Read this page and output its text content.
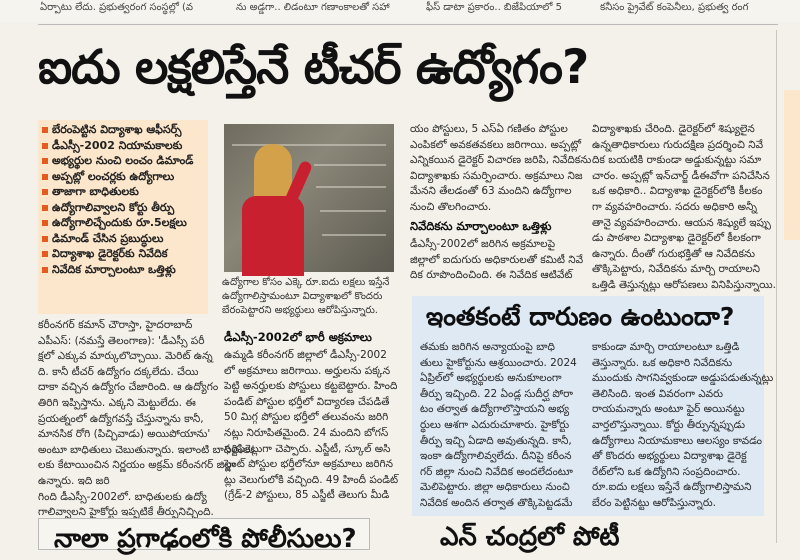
ఏర్పాటు లేదు. ప్రభుత్వరంగ సంస్థల్లో (వ	ను అడ్డగా.. లిడంటూ గణాంకాలతో సహా	ఫీస్ డాటా ప్రకారం.. బిజేపియాలో 5	కనీసం ప్రైవేట్ కంపెనీలు, ప్రభుత్వ రంగ
ఐదు లక్షలిస్తేనే టీచర్ ఉద్యోగం?
బేరంపెట్టిన విద్యాశాఖ ఆఫీసర్స్
డీఎస్సీ-2002 నియామకాలకు
అభ్యర్థుల నుంచి లంచం డిమాండ్
అప్పట్లో లంచర్లకు ఉద్యోగాలు
తాజాగా బాధితులకు
ఉద్యోగాలివ్వాలని కోర్టు తీర్పు
ఉద్యోగాలిచ్చేందుకు రూ.5లక్షలు
డిమాండ్ చేసిన ప్రబుద్ధులు
విద్యాశాఖ డైరెక్టర్‌కు నివేదిక
నివేదిక మార్చాలంటూ ఒత్తిళ్లు
ఉద్యోగాల కోసం ఎక్కె రూ.ఐదు లక్షలు ఇస్తేనే
ఉద్యోగాలిస్తామంటూ విద్యాశాఖలో కొందరు
బేరంపెట్టారని అభ్యర్థులు ఆరోపిస్తున్నారు.
కరీంనగర్ కమాన్ చౌరాస్తా, హైదరాబాద్
ఎపీఎస్: (నమస్తే తెలంగాణ): 'డీఎస్సీ పరీ
క్షలో ఎక్కువ మార్కులొచ్చాయి. మెరిట్ ఉన్న
ది. కానీ టీచర్ ఉద్యోగం దక్కలేదు. చేయి
దాకా వచ్చిన ఉద్యోగం చేజారింది. ఆ ఉద్యోగం
తిరిగి ఇప్పిస్తాను. ఎక్కని మెట్టులేదు. ఈ
ప్రయత్నంలో ఉద్యోగవస్తే చేస్తున్నాను కానీ,
మానసిక రోగి (పిచ్చివాడు) అయిపోయాను'
అంటూ బాధితులు చెబుతున్నారు. ఇలాంటి బాధితులు
లకు కేటాయించిన నిర్ణయం అక్రమ్ కరీంనగర్ జిల్లా
ఉన్నారు. ఇది జరి
గింది డీఎస్సీ-2002లో. బాధితులకు ఉద్యో
గాలివ్వాలని హైకోర్టు ఇప్పటికే తీర్పునిచ్చింది.
డీఎస్సీ-2002లో భారీ అక్రమాలు
ఉమ్మడి కరీంనగర్ జిల్లాలో డీఎస్సీ-2002
లో అక్రమాలు జరిగాయి. అర్హులను పక్కన
పెట్టి అనర్హులకు పోస్టులు కట్టబెట్టారు. హింది
పండిట్ పోస్టుల భర్తీలో విద్యారణ చేపడితే
50 మిగ్గ పోస్టుల భర్తీలో తలువంను జరిగి
నట్లు నిరూపితమైంది. 24 మందిని బోగస్
సర్టిఫికెట్లుగా చెప్పారు. ఎస్జీటీ, స్కూల్ అసి
స్టెంట్ పోస్టుల భర్తీలోనూ అక్రమాలు జరిగిన
ట్లు వెలుగులోకి వచ్చింది. 49 హిందీ పండిట్
(గ్రేడ్-2 పోస్టులు, 85 ఎస్జీటీ తెలుగు మీడి
యం పోస్టులు, 5 ఎస్ఏ గణితం పోస్టుల
ఎంపికలో అవకతవకలు జరిగాయి. అప్పట్లో
ఎన్నికయిన డైరెక్టర్ విచారణ జరిపి, నివేదికను
విద్యాశాఖకు సమర్పించారు. అక్రమాలు నిజ
మేనని తేలడంతో 63 మందిని ఉద్యోగాల
నుంచి తొలగించారు.
నివేదికను మార్చాలంటూ ఒత్తిళ్లు
డీఎస్సీ-2002లో జరిగిన అక్రమాలపై
జిల్లాలో ఐదుగురు అధికారులతో కమిటీ నివే
దిక రూపొందించింది. ఈ నివేదిక ఆటివేట్
విద్యాశాఖకు చేరింది. డైరెక్టర్‌లో శిష్యులైన
ఉన్నతాధికారులు గురుదక్షిణ ప్రదర్శించి నివే
దిక బయటికి రాకుండా అడ్డుకున్నట్టు సమా
చారం. అప్పట్లో ఇన్‌చార్జ్ డీఈవోగా పనిచేసిన
ఒక అధికారి.. విద్యాశాఖ డైరెక్టర్‌లోకి కీలకం
గా వ్యవహరించారు. సదరు అధికారి అన్నీ
తానై వ్యవహరించారు. ఆయన శిష్యులే ఇప్పు
డు పాఠశాల విద్యాశాఖ డైరెక్టర్‌లో కీలకంగా
ఉన్నారు. దీంతో గురుభక్తితో ఆ నివేదికను
తొక్కిపెట్టారు, నివేదికను మార్చి రాయాలని
ఒత్తిడి తెస్తున్నట్లు ఆరోపణలు వినిపిస్తున్నాయి.
ఇంతకంటే దారుణం ఉంటుందా?
తమకు జరిగిన అన్యాయంపై బాధి
తులు హైకోర్టును ఆశ్రయించారు. 2024
ఏప్రిల్‌లో అభ్యర్థులకు అనుకూలంగా
తీర్పు ఇచ్చింది. 22 ఏండ్ల సుదీర్ఘ పోరా
టం తర్వాత ఉద్యోగాలొస్తాయని అభ్య
ర్థులు ఆశగా ఎదురుచూశారు. హైకోర్టు
తీర్పు ఇచ్చి ఏడాది అవుతున్నది. కానీ,
ఇంకా ఉద్యోగాలివ్వలేదు. దీనిపై కరీంన
గర్ జిల్లా నుంచి నివేదిక అందలేదంటూ
మెలిపెట్టారు. జిల్లా అధికారులు నుంచి
నివేదిక అందిన తర్వాత తొక్కిపెట్టడమే
కాకుండా మార్చి రాయాలంటూ ఒత్తిడి
తెస్తున్నారు. ఒక అధికారి నివేదికను
ముందుకు సాగనివ్వకుండా అడ్డుపడుతున్నట్లు
తెలిసింది. ఇంత వివరంగా ఎవరు
రాయమన్నారు అంటూ ఫైర్ అయినట్టు
వార్తలొస్తున్నాయి. కోర్టు తీర్పున్నప్పుడు
ఉద్యోగాలు నియామకాలు ఆలస్యం కావడం
తో కొందరు అభ్యర్థులు విద్యాశాఖ డైరెక్ట
రేట్‌లోని ఒక ఉద్యోగిని సంప్రదించారు.
రూ.ఐదు లక్షలు ఇస్తేనే ఉద్యోగాలిస్తామని
బేరం పెట్టినట్టు ఆరోపిస్తున్నారు.
నాలా ప్రగాఢంలోకి పోలీసులు?	ఎన్ చంద్రలో పోటీ
